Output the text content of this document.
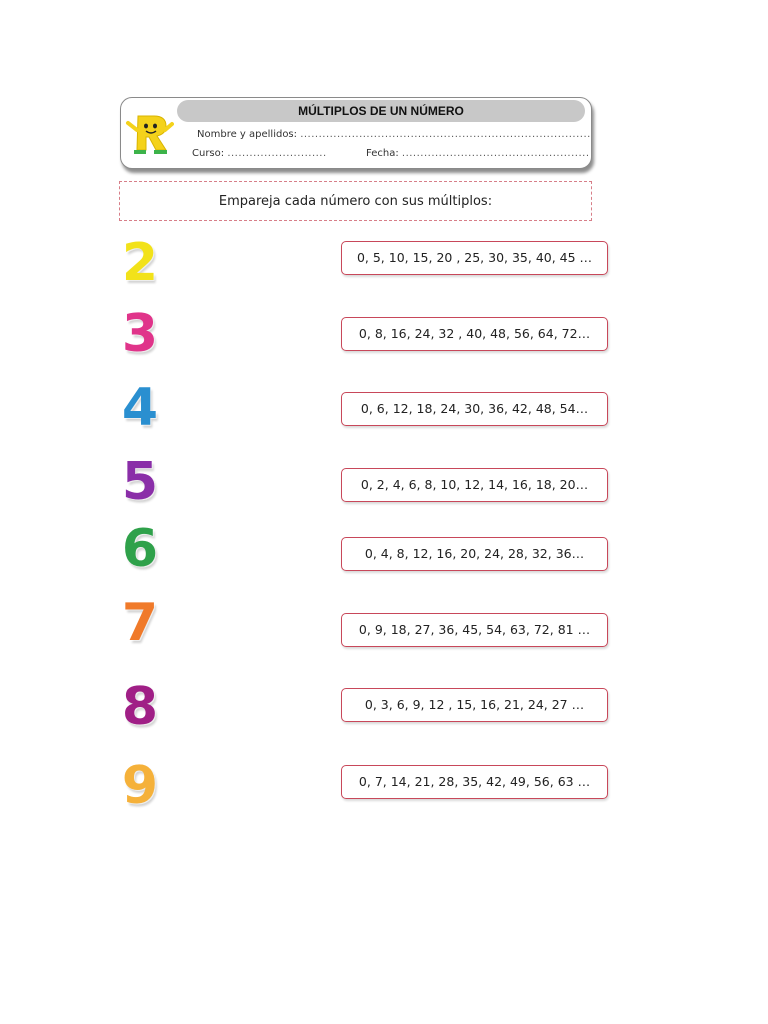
MÚLTIPLOS DE UN NÚMERO
Nombre y apellidos: ...............................................................................
Curso: ...........................	Fecha: ...................................................
Empareja cada número con sus múltiplos:
2
3
4
5
6
7
8
9
0, 5, 10, 15, 20 , 25, 30, 35, 40, 45 …
0, 8, 16, 24, 32 , 40, 48, 56, 64, 72…
0, 6, 12, 18, 24, 30, 36, 42, 48, 54…
0, 2, 4, 6, 8, 10, 12, 14, 16, 18, 20…
0, 4, 8, 12, 16, 20, 24, 28, 32, 36…
0, 9, 18, 27, 36, 45, 54, 63, 72, 81 …
0, 3, 6, 9, 12 , 15, 16, 21, 24, 27 …
0, 7, 14, 21, 28, 35, 42, 49, 56, 63 …
